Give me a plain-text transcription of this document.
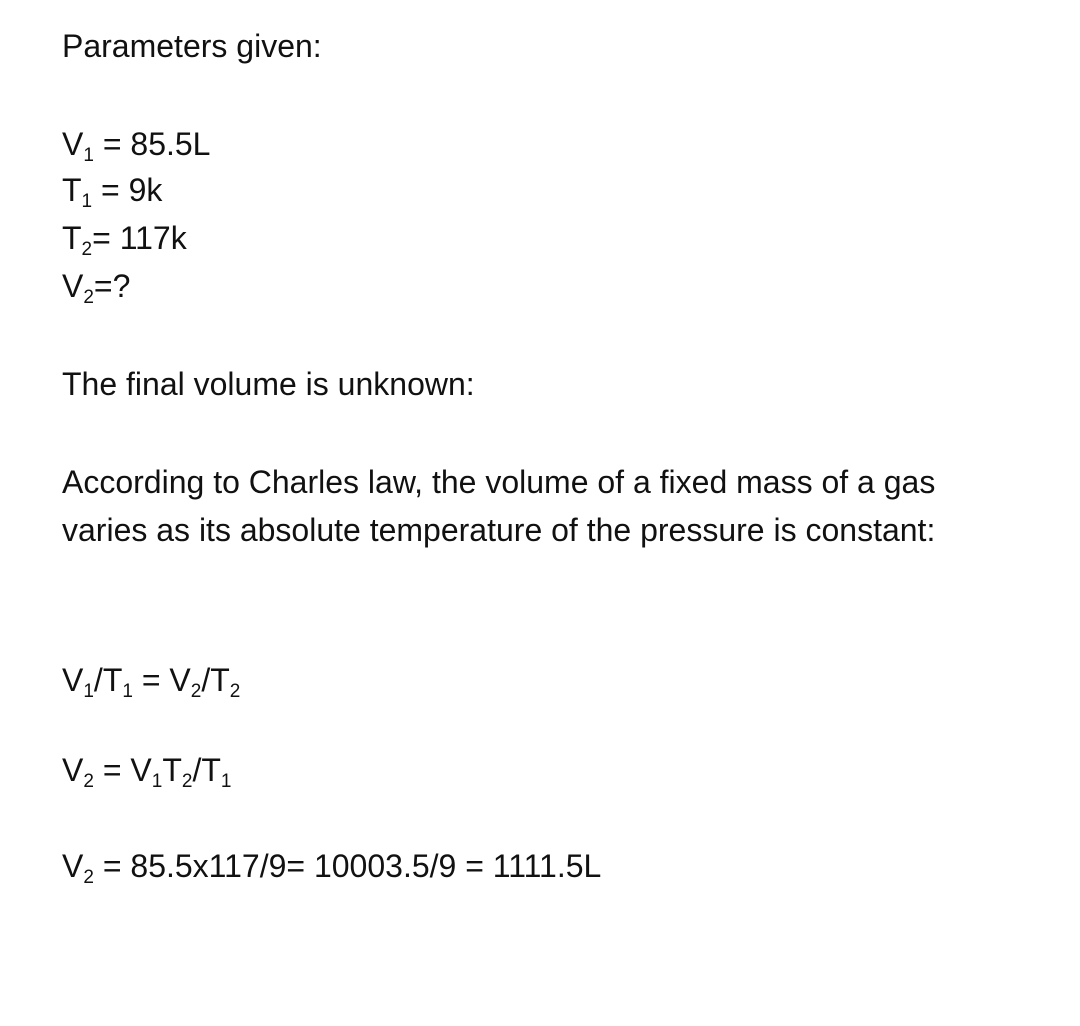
Parameters given:
$V_1 = 85.5L$
$T_1 = 9k$
$T_2= 117k$
$V_2=$?

The final volume is unknown:

According to Charles law, the volume of a fixed mass of a gas varies as its absolute temperature of the pressure is constant:

$V_1/T_1 = V_2/T_2$
$V_2 = V_1T_2/T_1$
$V_2 = 85.5x117/9= 10003.5/9 = 1111.5L$
